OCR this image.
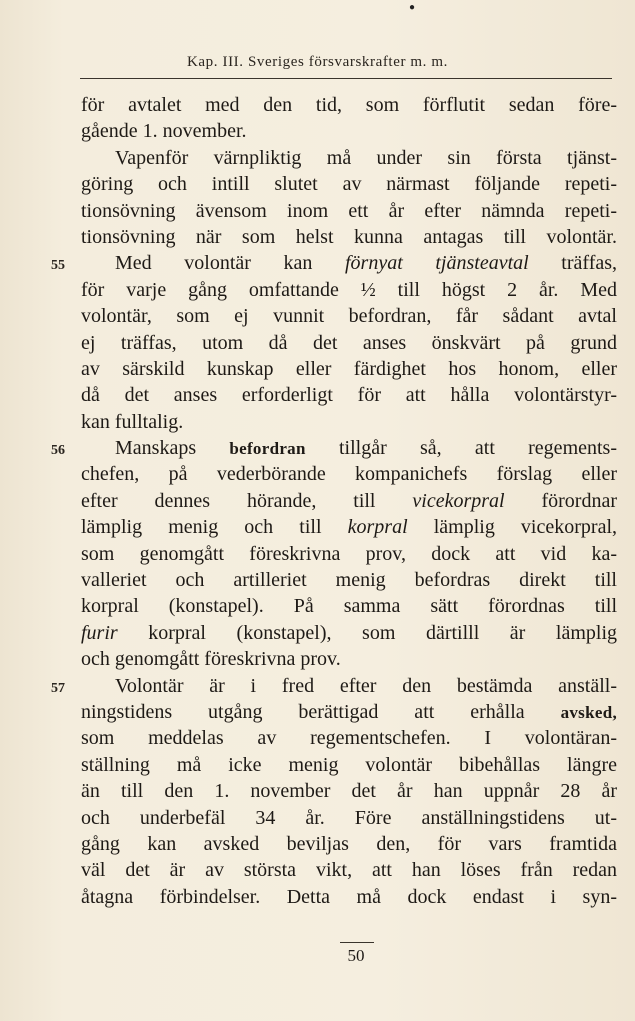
●
Kap. III. Sveriges försvarskrafter m. m.
för avtalet med den tid, som förflutit sedan före-
gående 1. november.
Vapenför värnpliktig må under sin första tjänst-
göring och intill slutet av närmast följande repeti-
tionsövning ävensom inom ett år efter nämnda repeti-
tionsövning när som helst kunna antagas till volontär.
55	Med volontär kan förnyat tjänsteavtal träffas,
för varje gång omfattande ½ till högst 2 år. Med
volontär, som ej vunnit befordran, får sådant avtal
ej träffas, utom då det anses önskvärt på grund
av särskild kunskap eller färdighet hos honom, eller
då det anses erforderligt för att hålla volontärstyr-
kan fulltalig.
56	Manskaps befordran tillgår så, att regements-
chefen, på vederbörande kompanichefs förslag eller
efter dennes hörande, till vicekorpral förordnar
lämplig menig och till korpral lämplig vicekorpral,
som genomgått föreskrivna prov, dock att vid ka-
valleriet och artilleriet menig befordras direkt till
korpral (konstapel). På samma sätt förordnas till
furir korpral (konstapel), som därtilll är lämplig
och genomgått föreskrivna prov.
57	Volontär är i fred efter den bestämda anställ-
ningstidens utgång berättigad att erhålla avsked,
som meddelas av regementschefen. I volontäran-
ställning må icke menig volontär bibehållas längre
än till den 1. november det år han uppnår 28 år
och underbefäl 34 år. Före anställningstidens ut-
gång kan avsked beviljas den, för vars framtida
väl det är av största vikt, att han löses från redan
åtagna förbindelser. Detta må dock endast i syn-
50
